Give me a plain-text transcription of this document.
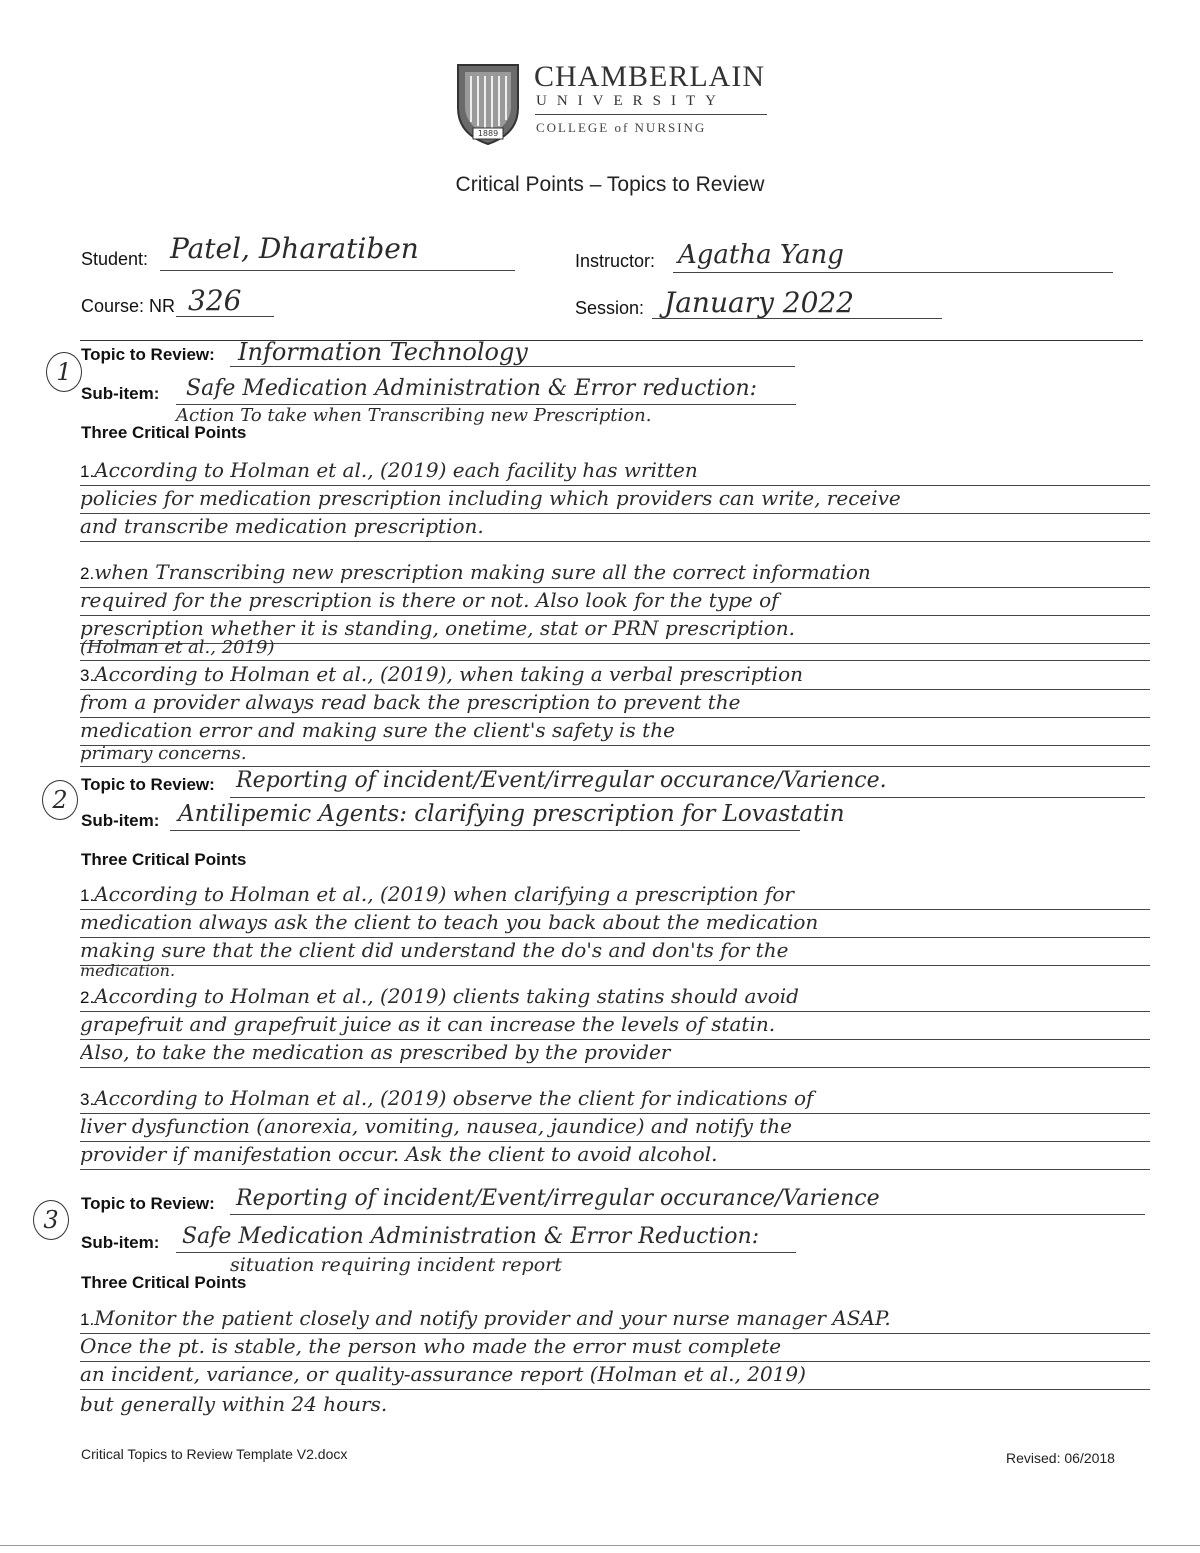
1889
CHAMBERLAIN
UNIVERSITY
COLLEGE of NURSING
Critical Points – Topics to Review
Student: Patel, Dharatiben	Instructor: Agatha Yang
Course: NR 326	Session: January 2022
1
Topic to Review: Information Technology
Sub-item: Safe Medication Administration & Error reduction:
Action To take when Transcribing new Prescription.
Three Critical Points
1.According to Holman et al., (2019) each facility has written
policies for medication prescription including which providers can write, receive
and transcribe medication prescription.
2.when Transcribing new prescription making sure all the correct information
required for the prescription is there or not. Also look for the type of
prescription whether it is standing, onetime, stat or PRN prescription.
(Holman et al., 2019)
3.According to Holman et al., (2019), when taking a verbal prescription
from a provider always read back the prescription to prevent the
medication error and making sure the client's safety is the
primary concerns.
2
Topic to Review: Reporting of incident/Event/irregular occurance/Varience.
Sub-item: Antilipemic Agents: clarifying prescription for Lovastatin
Three Critical Points
1.According to Holman et al., (2019) when clarifying a prescription for
medication always ask the client to teach you back about the medication
making sure that the client did understand the do's and don'ts for the
medication.
2.According to Holman et al., (2019) clients taking statins should avoid
grapefruit and grapefruit juice as it can increase the levels of statin.
Also, to take the medication as prescribed by the provider
3.According to Holman et al., (2019) observe the client for indications of
liver dysfunction (anorexia, vomiting, nausea, jaundice) and notify the
provider if manifestation occur. Ask the client to avoid alcohol.
3
Topic to Review: Reporting of incident/Event/irregular occurance/Varience
Sub-item: Safe Medication Administration & Error Reduction:
situation requiring incident report
Three Critical Points
1.Monitor the patient closely and notify provider and your nurse manager ASAP.
Once the pt. is stable, the person who made the error must complete
an incident, variance, or quality-assurance report (Holman et al., 2019)
but generally within 24 hours.
Critical Topics to Review Template V2.docx	Revised: 06/2018
